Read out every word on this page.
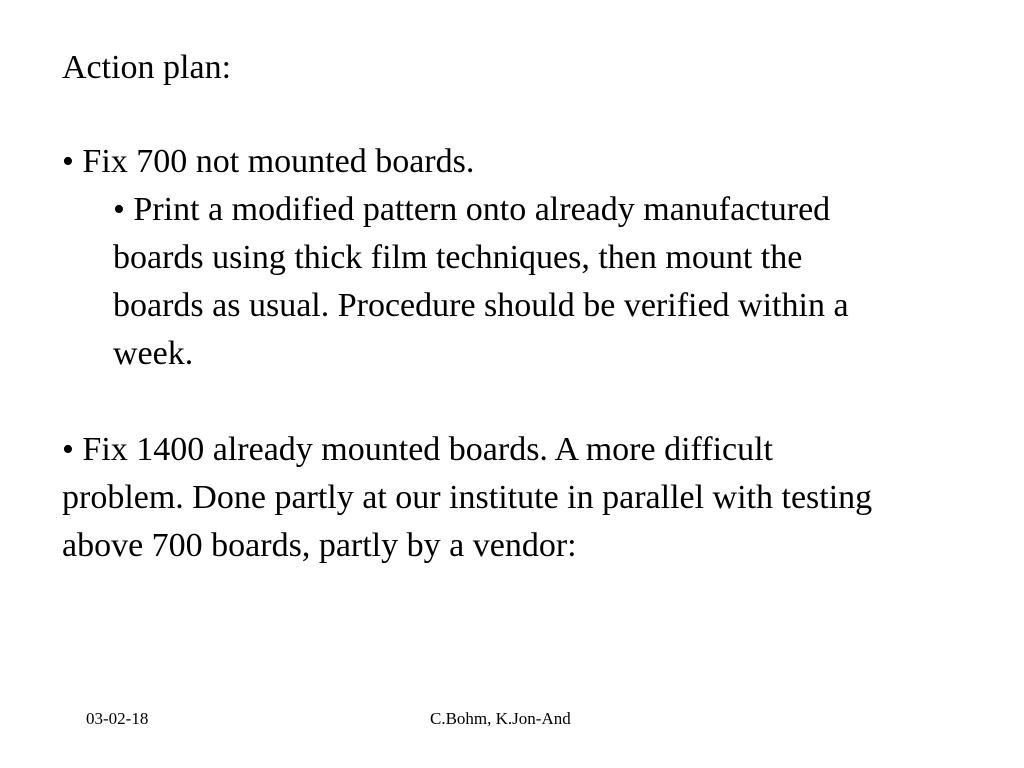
Action plan:
• Fix 700 not mounted boards.
• Print a modified pattern onto already manufactured
boards using thick film techniques, then mount the
boards as usual. Procedure should be verified within a
week.
• Fix 1400 already mounted boards. A more difficult
problem. Done partly at our institute in parallel with testing
above 700 boards, partly by a vendor:
03-02-18	C.Bohm, K.Jon-And
